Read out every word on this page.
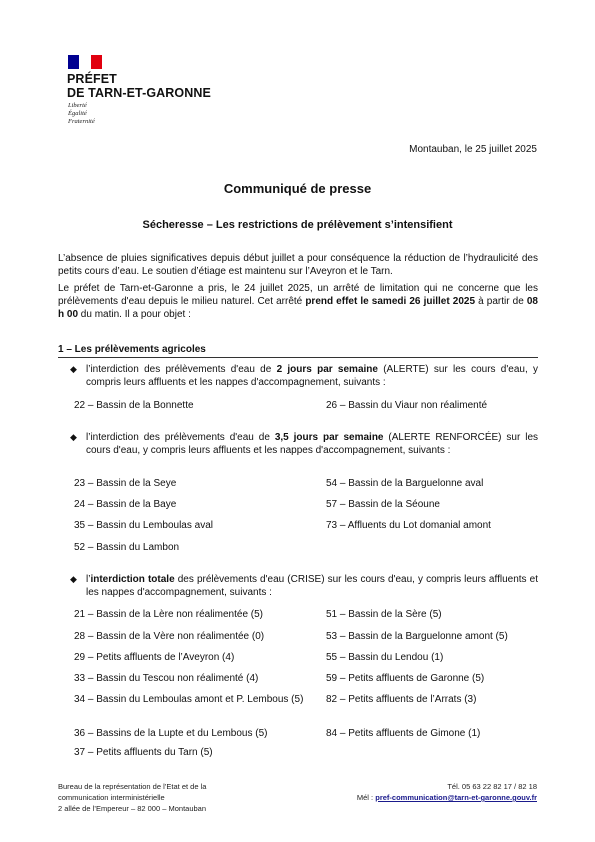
PRÉFET
DE TARN-ET-GARONNE
Liberté
Égalité
Fraternité
Montauban, le 25 juillet 2025
Communiqué de presse
Sécheresse – Les restrictions de prélèvement s’intensifient
L’absence de pluies significatives depuis début juillet a pour conséquence la réduction de l’hydraulicité des petits cours d’eau. Le soutien d’étiage est maintenu sur l’Aveyron et le Tarn.
Le préfet de Tarn-et-Garonne a pris, le 24 juillet 2025, un arrêté de limitation qui ne concerne que les prélèvements d'eau depuis le milieu naturel. Cet arrêté prend effet le samedi 26 juillet 2025 à partir de 08 h 00 du matin. Il a pour objet :
1 – Les prélèvements agricoles
◆ l’interdiction des prélèvements d'eau de 2 jours par semaine (ALERTE) sur les cours d'eau, y compris leurs affluents et les nappes d'accompagnement, suivants :
22 – Bassin de la Bonnette	26 – Bassin du Viaur non réalimenté
◆ l’interdiction des prélèvements d'eau de 3,5 jours par semaine (ALERTE RENFORCÉE) sur les cours d'eau, y compris leurs affluents et les nappes d'accompagnement, suivants :
23 – Bassin de la Seye
24 – Bassin de la Baye
35 – Bassin du Lemboulas aval
52 – Bassin du Lambon
54 – Bassin de la Barguelonne aval
57 – Bassin de la Séoune
73 – Affluents du Lot domanial amont
◆ l’interdiction totale des prélèvements d'eau (CRISE) sur les cours d'eau, y compris leurs affluents et les nappes d'accompagnement, suivants :
21 – Bassin de la Lère non réalimentée (5)
28 – Bassin de la Vère non réalimentée (0)
29 – Petits affluents de l’Aveyron (4)
33 – Bassin du Tescou non réalimenté (4)
34 – Bassin du Lemboulas amont et P. Lembous (5)
36 – Bassins de la Lupte et du Lembous (5)
37 – Petits affluents du Tarn (5)
51 – Bassin de la Sère (5)
53 – Bassin de la Barguelonne amont (5)
55 – Bassin du Lendou (1)
59 – Petits affluents de Garonne (5)
82 – Petits affluents de l’Arrats (3)
84 – Petits affluents de Gimone (1)
Bureau de la représentation de l’Etat et de la
communication interministérielle
2 allée de l’Empereur – 82 000 – Montauban
Tél. 05 63 22 82 17 / 82 18
Mél : pref-communication@tarn-et-garonne.gouv.fr
